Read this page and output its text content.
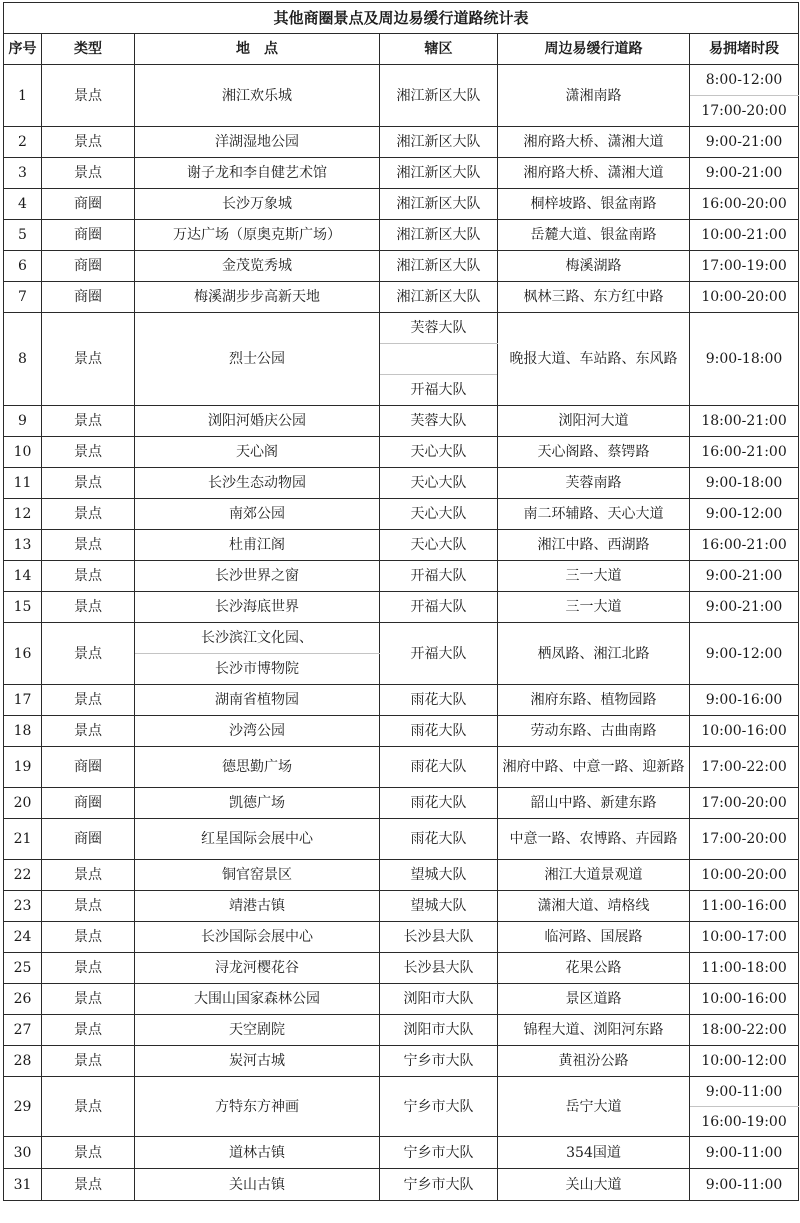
其他商圈景点及周边易缓行道路统计表					
序号	类型	地　点	辖区	周边易缓行道路	易拥堵时段
1	景点	湘江欢乐城	湘江新区大队	潇湘南路	8:00-12:00
					17:00-20:00
2	景点	洋湖湿地公园	湘江新区大队	湘府路大桥、潇湘大道	9:00-21:00
3	景点	谢子龙和李自健艺术馆	湘江新区大队	湘府路大桥、潇湘大道	9:00-21:00
4	商圈	长沙万象城	湘江新区大队	桐梓坡路、银盆南路	16:00-20:00
5	商圈	万达广场（原奥克斯广场）	湘江新区大队	岳麓大道、银盆南路	10:00-21:00
6	商圈	金茂览秀城	湘江新区大队	梅溪湖路	17:00-19:00
7	商圈	梅溪湖步步高新天地	湘江新区大队	枫林三路、东方红中路	10:00-20:00
8	景点	烈士公园	芙蓉大队	晚报大道、车站路、东风路	9:00-18:00

			开福大队		
9	景点	浏阳河婚庆公园	芙蓉大队	浏阳河大道	18:00-21:00
10	景点	天心阁	天心大队	天心阁路、蔡锷路	16:00-21:00
11	景点	长沙生态动物园	天心大队	芙蓉南路	9:00-18:00
12	景点	南郊公园	天心大队	南二环辅路、天心大道	9:00-12:00
13	景点	杜甫江阁	天心大队	湘江中路、西湖路	16:00-21:00
14	景点	长沙世界之窗	开福大队	三一大道	9:00-21:00
15	景点	长沙海底世界	开福大队	三一大道	9:00-21:00
16	景点	长沙滨江文化园、	开福大队	栖凤路、湘江北路	9:00-12:00
		长沙市博物院			
17	景点	湖南省植物园	雨花大队	湘府东路、植物园路	9:00-16:00
18	景点	沙湾公园	雨花大队	劳动东路、古曲南路	10:00-16:00
19	商圈	德思勤广场	雨花大队	湘府中路、中意一路、迎新路	17:00-22:00
20	商圈	凯德广场	雨花大队	韶山中路、新建东路	17:00-20:00
21	商圈	红星国际会展中心	雨花大队	中意一路、农博路、卉园路	17:00-20:00
22	景点	铜官窑景区	望城大队	湘江大道景观道	10:00-20:00
23	景点	靖港古镇	望城大队	潇湘大道、靖格线	11:00-16:00
24	景点	长沙国际会展中心	长沙县大队	临河路、国展路	10:00-17:00
25	景点	浔龙河樱花谷	长沙县大队	花果公路	11:00-18:00
26	景点	大围山国家森林公园	浏阳市大队	景区道路	10:00-16:00
27	景点	天空剧院	浏阳市大队	锦程大道、浏阳河东路	18:00-22:00
28	景点	炭河古城	宁乡市大队	黄祖汾公路	10:00-12:00
29	景点	方特东方神画	宁乡市大队	岳宁大道	9:00-11:00
					16:00-19:00
30	景点	道林古镇	宁乡市大队	354国道	9:00-11:00
31	景点	关山古镇	宁乡市大队	关山大道	9:00-11:00
